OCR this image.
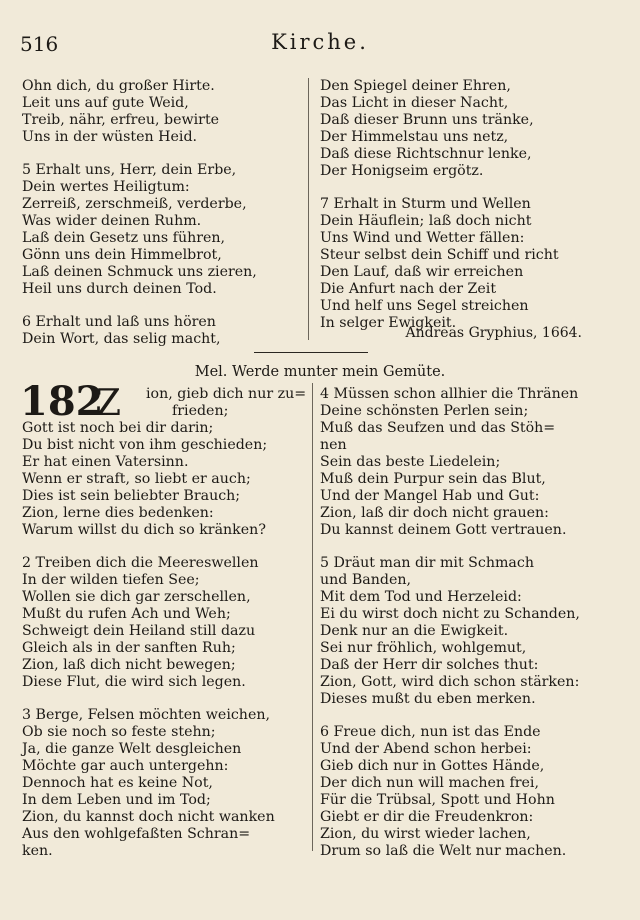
516	Kirche.
Ohn dich, du großer Hirte.
Leit uns auf gute Weid,
Treib, nähr, erfreu, bewirte
Uns in der wüsten Heid.
5 Erhalt uns, Herr, dein Erbe,
Dein wertes Heiligtum:
Zerreiß, zerschmeiß, verderbe,
Was wider deinen Ruhm.
Laß dein Gesetz uns führen,
Gönn uns dein Himmelbrot,
Laß deinen Schmuck uns zieren,
Heil uns durch deinen Tod.
6 Erhalt und laß uns hören
Dein Wort, das selig macht,
Den Spiegel deiner Ehren,
Das Licht in dieser Nacht,
Daß dieser Brunn uns tränke,
Der Himmelstau uns netz,
Daß diese Richtschnur lenke,
Der Honigseim ergötz.
7 Erhalt in Sturm und Wellen
Dein Häuflein; laß doch nicht
Uns Wind und Wetter fällen:
Steur selbst dein Schiff und richt
Den Lauf, daß wir erreichen
Die Anfurt nach der Zeit
Und helf uns Segel streichen
In selger Ewigkeit.
Andreas Gryphius, 1664.
Mel. Werde munter mein Gemüte.
182
Z	ion, gieb dich nur zu=
frieden;
Gott ist noch bei dir darin;
Du bist nicht von ihm geschieden;
Er hat einen Vatersinn.
Wenn er straft, so liebt er auch;
Dies ist sein beliebter Brauch;
Zion, lerne dies bedenken:
Warum willst du dich so kränken?
2 Treiben dich die Meereswellen
In der wilden tiefen See;
Wollen sie dich gar zerschellen,
Mußt du rufen Ach und Weh;
Schweigt dein Heiland still dazu
Gleich als in der sanften Ruh;
Zion, laß dich nicht bewegen;
Diese Flut, die wird sich legen.
3 Berge, Felsen möchten weichen,
Ob sie noch so feste stehn;
Ja, die ganze Welt desgleichen
Möchte gar auch untergehn:
Dennoch hat es keine Not,
In dem Leben und im Tod;
Zion, du kannst doch nicht wanken
Aus den wohlgefaßten Schran=
ken.
4 Müssen schon allhier die Thränen
Deine schönsten Perlen sein;
Muß das Seufzen und das Stöh=
nen
Sein das beste Liedelein;
Muß dein Purpur sein das Blut,
Und der Mangel Hab und Gut:
Zion, laß dir doch nicht grauen:
Du kannst deinem Gott vertrauen.
5 Dräut man dir mit Schmach
und Banden,
Mit dem Tod und Herzeleid:
Ei du wirst doch nicht zu Schanden,
Denk nur an die Ewigkeit.
Sei nur fröhlich, wohlgemut,
Daß der Herr dir solches thut:
Zion, Gott, wird dich schon stärken:
Dieses mußt du eben merken.
6 Freue dich, nun ist das Ende
Und der Abend schon herbei:
Gieb dich nur in Gottes Hände,
Der dich nun will machen frei,
Für die Trübsal, Spott und Hohn
Giebt er dir die Freudenkron:
Zion, du wirst wieder lachen,
Drum so laß die Welt nur machen.
